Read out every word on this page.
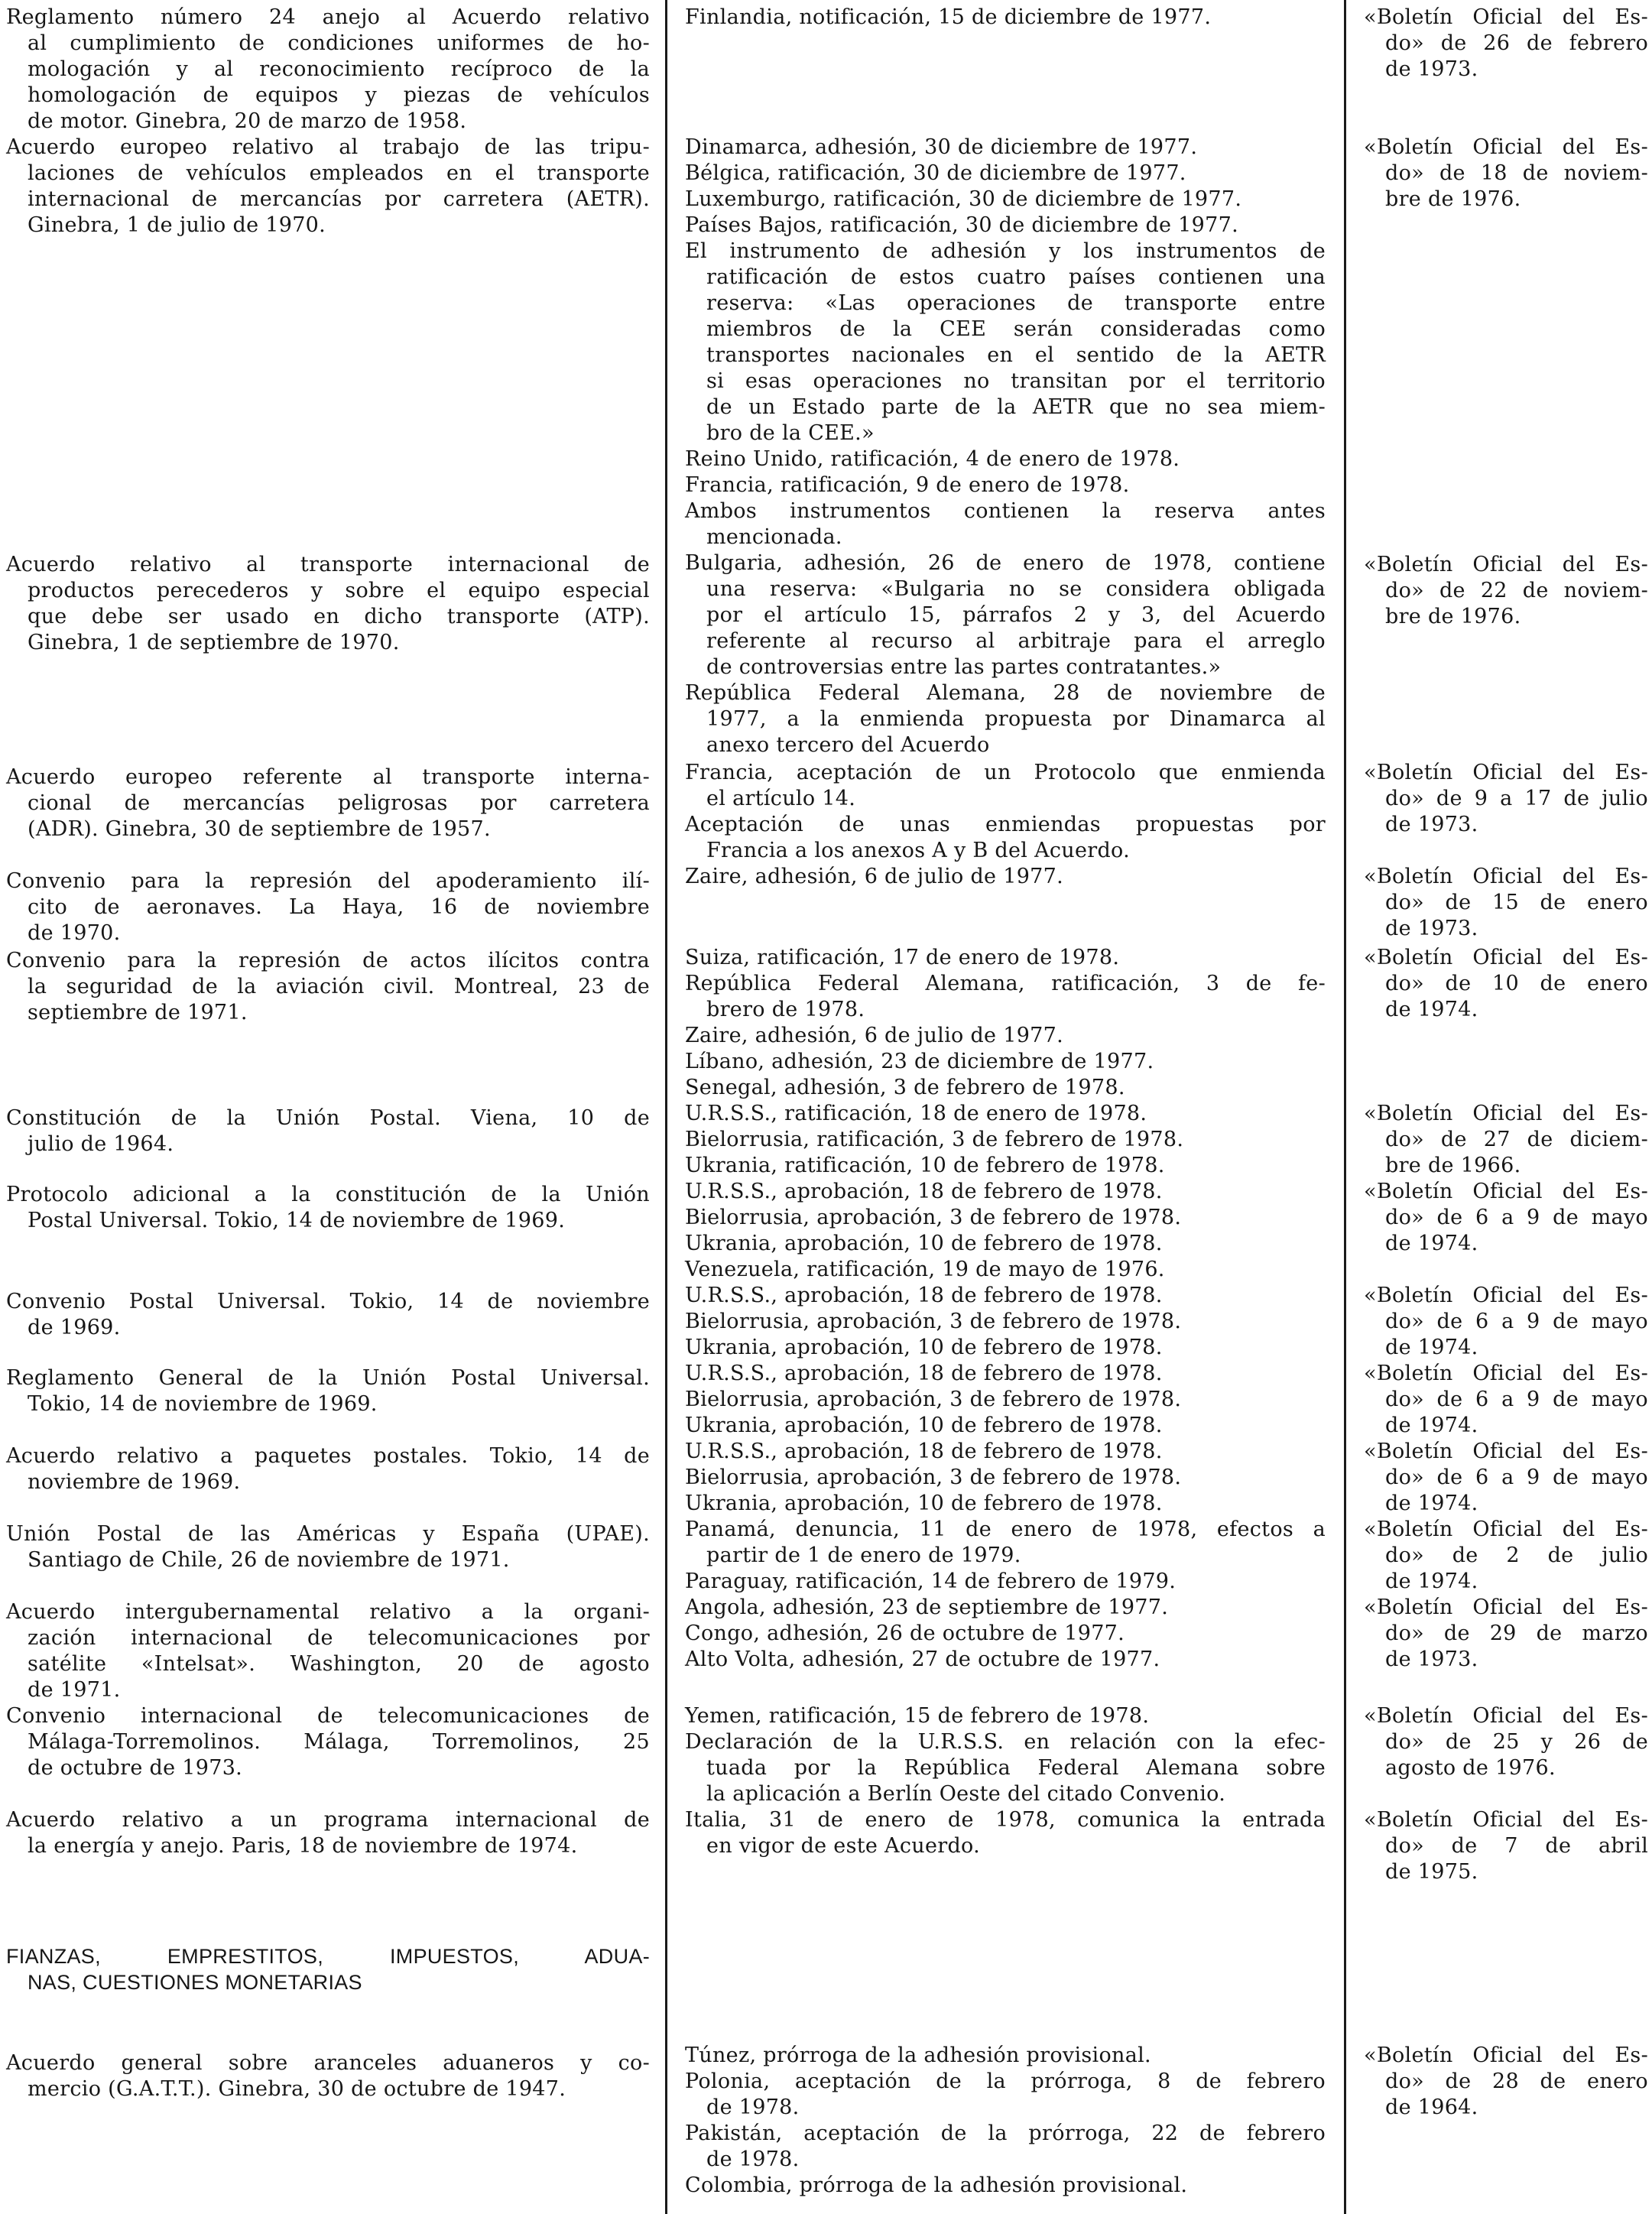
Reglamento número 24 anejo al Acuerdo relativo
al cumplimiento de condiciones uniformes de ho-
mologación y al reconocimiento recíproco de la
homologación de equipos y piezas de vehículos
de motor. Ginebra, 20 de marzo de 1958.
Acuerdo europeo relativo al trabajo de las tripu-
laciones de vehículos empleados en el transporte
internacional de mercancías por carretera (AETR).
Ginebra, 1 de julio de 1970.
Acuerdo relativo al transporte internacional de
productos perecederos y sobre el equipo especial
que debe ser usado en dicho transporte (ATP).
Ginebra, 1 de septiembre de 1970.
Acuerdo europeo referente al transporte interna-
cional de mercancías peligrosas por carretera
(ADR). Ginebra, 30 de septiembre de 1957.
Convenio para la represión del apoderamiento ilí-
cito de aeronaves. La Haya, 16 de noviembre
de 1970.
Convenio para la represión de actos ilícitos contra
la seguridad de la aviación civil. Montreal, 23 de
septiembre de 1971.
Constitución de la Unión Postal. Viena, 10 de
julio de 1964.
Protocolo adicional a la constitución de la Unión
Postal Universal. Tokio, 14 de noviembre de 1969.
Convenio Postal Universal. Tokio, 14 de noviembre
de 1969.
Reglamento General de la Unión Postal Universal.
Tokio, 14 de noviembre de 1969.
Acuerdo relativo a paquetes postales. Tokio, 14 de
noviembre de 1969.
Unión Postal de las Américas y España (UPAE).
Santiago de Chile, 26 de noviembre de 1971.
Acuerdo intergubernamental relativo a la organi-
zación internacional de telecomunicaciones por
satélite «Intelsat». Washington, 20 de agosto
de 1971.
Convenio internacional de telecomunicaciones de
Málaga-Torremolinos. Málaga, Torremolinos, 25
de octubre de 1973.
Acuerdo relativo a un programa internacional de
la energía y anejo. Paris, 18 de noviembre de 1974.
Acuerdo general sobre aranceles aduaneros y co-
mercio (G.A.T.T.). Ginebra, 30 de octubre de 1947.
Finlandia, notificación, 15 de diciembre de 1977.
Dinamarca, adhesión, 30 de diciembre de 1977.
Bélgica, ratificación, 30 de diciembre de 1977.
Luxemburgo, ratificación, 30 de diciembre de 1977.
Países Bajos, ratificación, 30 de diciembre de 1977.
El instrumento de adhesión y los instrumentos de
ratificación de estos cuatro países contienen una
reserva: «Las operaciones de transporte entre
miembros de la CEE serán consideradas como
transportes nacionales en el sentido de la AETR
si esas operaciones no transitan por el territorio
de un Estado parte de la AETR que no sea miem-
bro de la CEE.»
Reino Unido, ratificación, 4 de enero de 1978.
Francia, ratificación, 9 de enero de 1978.
Ambos instrumentos contienen la reserva antes
mencionada.
Bulgaria, adhesión, 26 de enero de 1978, contiene
una reserva: «Bulgaria no se considera obligada
por el artículo 15, párrafos 2 y 3, del Acuerdo
referente al recurso al arbitraje para el arreglo
de controversias entre las partes contratantes.»
República Federal Alemana, 28 de noviembre de
1977, a la enmienda propuesta por Dinamarca al
anexo tercero del Acuerdo
Francia, aceptación de un Protocolo que enmienda
el artículo 14.
Aceptación de unas enmiendas propuestas por
Francia a los anexos A y B del Acuerdo.
Zaire, adhesión, 6 de julio de 1977.
Suiza, ratificación, 17 de enero de 1978.
República Federal Alemana, ratificación, 3 de fe-
brero de 1978.
Zaire, adhesión, 6 de julio de 1977.
Líbano, adhesión, 23 de diciembre de 1977.
Senegal, adhesión, 3 de febrero de 1978.
U.R.S.S., ratificación, 18 de enero de 1978.
Bielorrusia, ratificación, 3 de febrero de 1978.
Ukrania, ratificación, 10 de febrero de 1978.
U.R.S.S., aprobación, 18 de febrero de 1978.
Bielorrusia, aprobación, 3 de febrero de 1978.
Ukrania, aprobación, 10 de febrero de 1978.
Venezuela, ratificación, 19 de mayo de 1976.
U.R.S.S., aprobación, 18 de febrero de 1978.
Bielorrusia, aprobación, 3 de febrero de 1978.
Ukrania, aprobación, 10 de febrero de 1978.
U.R.S.S., aprobación, 18 de febrero de 1978.
Bielorrusia, aprobación, 3 de febrero de 1978.
Ukrania, aprobación, 10 de febrero de 1978.
U.R.S.S., aprobación, 18 de febrero de 1978.
Bielorrusia, aprobación, 3 de febrero de 1978.
Ukrania, aprobación, 10 de febrero de 1978.
Panamá, denuncia, 11 de enero de 1978, efectos a
partir de 1 de enero de 1979.
Paraguay, ratificación, 14 de febrero de 1979.
Angola, adhesión, 23 de septiembre de 1977.
Congo, adhesión, 26 de octubre de 1977.
Alto Volta, adhesión, 27 de octubre de 1977.
Yemen, ratificación, 15 de febrero de 1978.
Declaración de la U.R.S.S. en relación con la efec-
tuada por la República Federal Alemana sobre
la aplicación a Berlín Oeste del citado Convenio.
Italia, 31 de enero de 1978, comunica la entrada
en vigor de este Acuerdo.
Túnez, prórroga de la adhesión provisional.
Polonia, aceptación de la prórroga, 8 de febrero
de 1978.
Pakistán, aceptación de la prórroga, 22 de febrero
de 1978.
Colombia, prórroga de la adhesión provisional.
«Boletín Oficial del Es-
do» de 26 de febrero
de 1973.
«Boletín Oficial del Es-
do» de 18 de noviem-
bre de 1976.
«Boletín Oficial del Es-
do» de 22 de noviem-
bre de 1976.
«Boletín Oficial del Es-
do» de 9 a 17 de julio
de 1973.
«Boletín Oficial del Es-
do» de 15 de enero
de 1973.
«Boletín Oficial del Es-
do» de 10 de enero
de 1974.
«Boletín Oficial del Es-
do» de 27 de diciem-
bre de 1966.
«Boletín Oficial del Es-
do» de 6 a 9 de mayo
de 1974.
«Boletín Oficial del Es-
do» de 6 a 9 de mayo
de 1974.
«Boletín Oficial del Es-
do» de 6 a 9 de mayo
de 1974.
«Boletín Oficial del Es-
do» de 6 a 9 de mayo
de 1974.
«Boletín Oficial del Es-
do» de 2 de julio
de 1974.
«Boletín Oficial del Es-
do» de 29 de marzo
de 1973.
«Boletín Oficial del Es-
do» de 25 y 26 de
agosto de 1976.
«Boletín Oficial del Es-
do» de 7 de abril
de 1975.
«Boletín Oficial del Es-
do» de 28 de enero
de 1964.
FIANZAS, EMPRESTITOS, IMPUESTOS, ADUA-
NAS, CUESTIONES MONETARIAS
